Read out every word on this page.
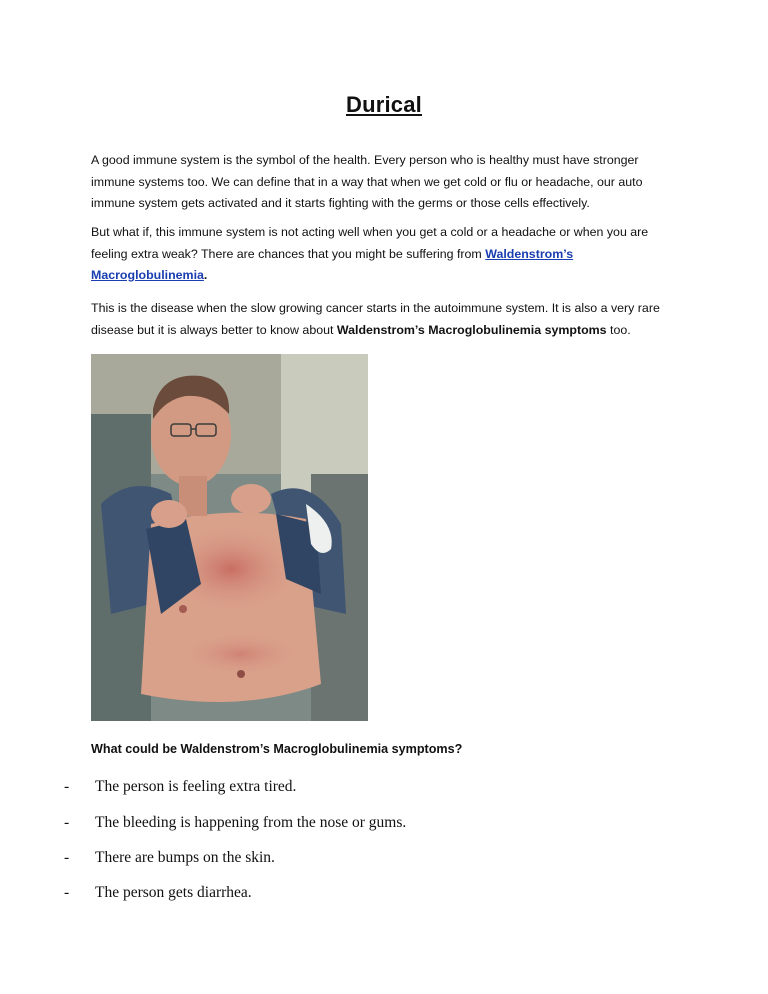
Durical
A good immune system is the symbol of the health. Every person who is healthy must have stronger immune systems too. We can define that in a way that when we get cold or flu or headache, our auto immune system gets activated and it starts fighting with the germs or those cells effectively.
But what if, this immune system is not acting well when you get a cold or a headache or when you are feeling extra weak? There are chances that you might be suffering from Waldenstrom’s Macroglobulinemia.
This is the disease when the slow growing cancer starts in the autoimmune system. It is also a very rare disease but it is always better to know about Waldenstrom’s Macroglobulinemia symptoms too.
What could be Waldenstrom’s Macroglobulinemia symptoms?
- The person is feeling extra tired.
- The bleeding is happening from the nose or gums.
- There are bumps on the skin.
- The person gets diarrhea.
